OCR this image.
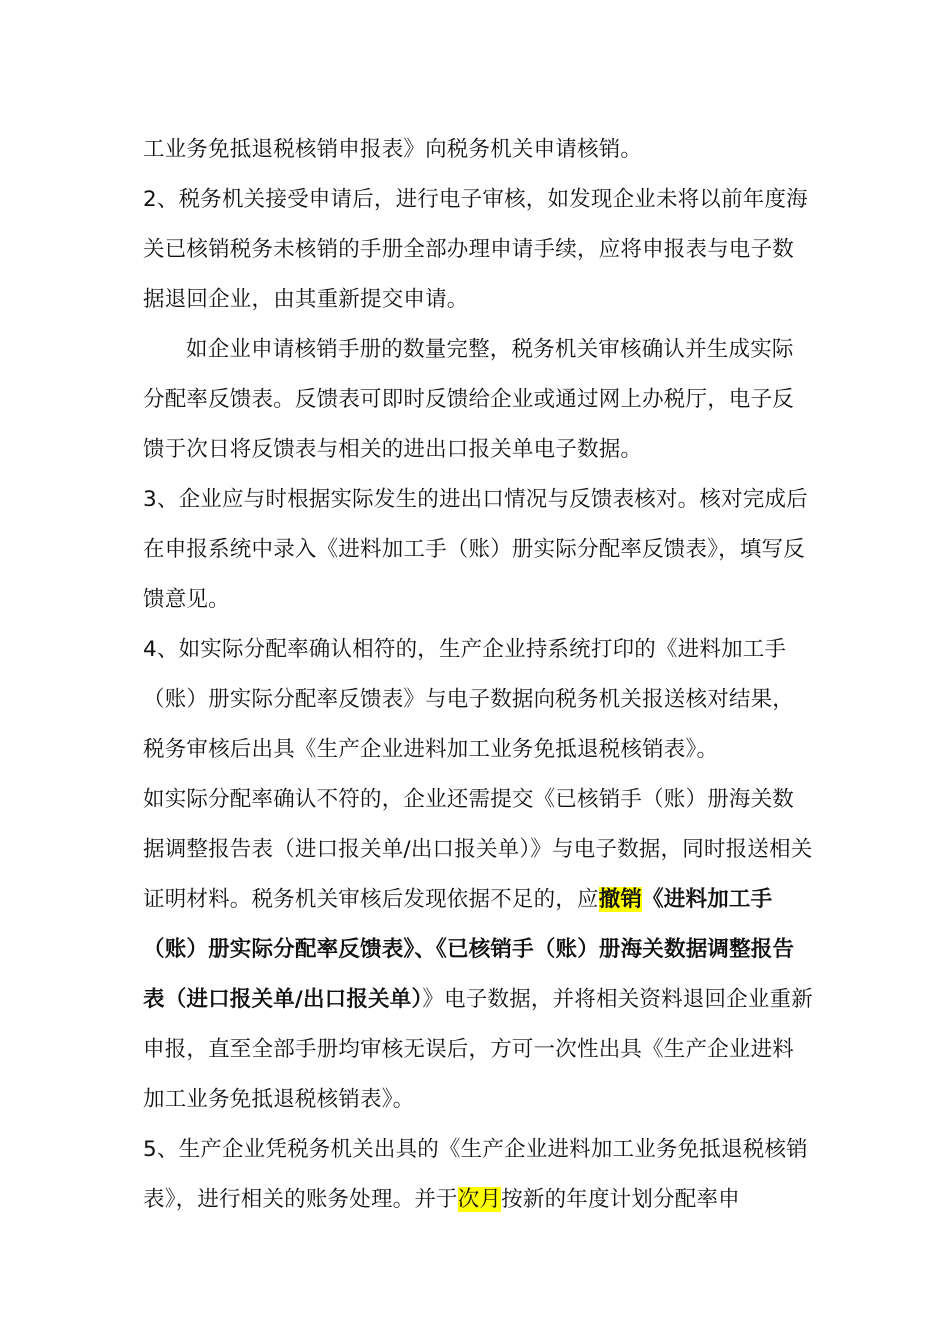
工业务免抵退税核销申报表》向税务机关申请核销。

2、税务机关接受申请后，进行电子审核，如发现企业未将以前年度海关已核销税务未核销的手册全部办理申请手续，应将申报表与电子数据退回企业，由其重新提交申请。

如企业申请核销手册的数量完整，税务机关审核确认并生成实际分配率反馈表。反馈表可即时反馈给企业或通过网上办税厅，电子反馈于次日将反馈表与相关的进出口报关单电子数据。

3、企业应与时根据实际发生的进出口情况与反馈表核对。核对完成后在申报系统中录入《进料加工手（账）册实际分配率反馈表》，填写反馈意见。

4、如实际分配率确认相符的，生产企业持系统打印的《进料加工手（账）册实际分配率反馈表》与电子数据向税务机关报送核对结果，税务审核后出具《生产企业进料加工业务免抵退税核销表》。

如实际分配率确认不符的，企业还需提交《已核销手（账）册海关数据调整报告表（进口报关单/出口报关单）》与电子数据，同时报送相关证明材料。税务机关审核后发现依据不足的，应撤销《进料加工手（账）册实际分配率反馈表》、《已核销手（账）册海关数据调整报告表（进口报关单/出口报关单）》电子数据，并将相关资料退回企业重新申报，直至全部手册均审核无误后，方可一次性出具《生产企业进料加工业务免抵退税核销表》。

5、生产企业凭税务机关出具的《生产企业进料加工业务免抵退税核销表》，进行相关的账务处理。并于次月按新的年度计划分配率申
